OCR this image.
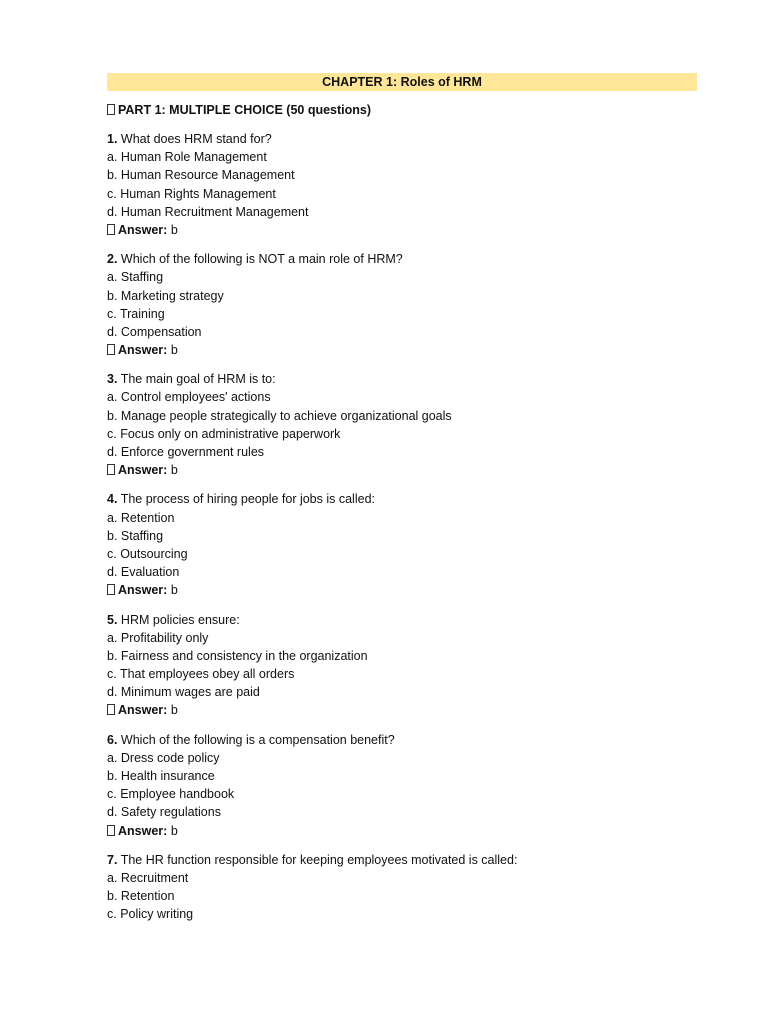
CHAPTER 1: Roles of HRM
PART 1: MULTIPLE CHOICE (50 questions)
1. What does HRM stand for?
a. Human Role Management
b. Human Resource Management
c. Human Rights Management
d. Human Recruitment Management
Answer: b
2. Which of the following is NOT a main role of HRM?
a. Staffing
b. Marketing strategy
c. Training
d. Compensation
Answer: b
3. The main goal of HRM is to:
a. Control employees' actions
b. Manage people strategically to achieve organizational goals
c. Focus only on administrative paperwork
d. Enforce government rules
Answer: b
4. The process of hiring people for jobs is called:
a. Retention
b. Staffing
c. Outsourcing
d. Evaluation
Answer: b
5. HRM policies ensure:
a. Profitability only
b. Fairness and consistency in the organization
c. That employees obey all orders
d. Minimum wages are paid
Answer: b
6. Which of the following is a compensation benefit?
a. Dress code policy
b. Health insurance
c. Employee handbook
d. Safety regulations
Answer: b
7. The HR function responsible for keeping employees motivated is called:
a. Recruitment
b. Retention
c. Policy writing
